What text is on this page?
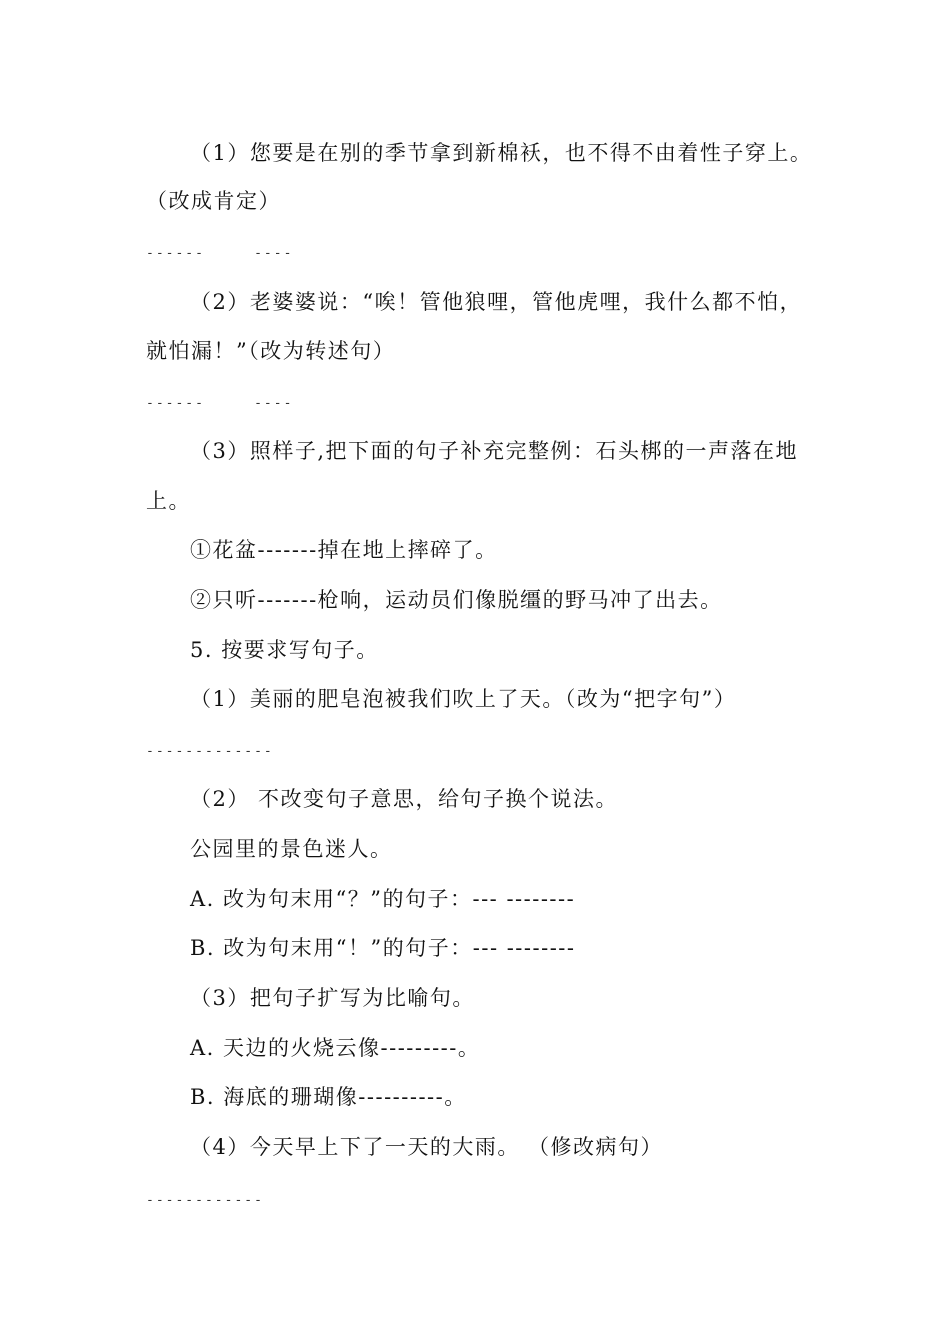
（1）您要是在别的季节拿到新棉袄，也不得不由着性子穿上。
（改成肯定）
------     ----
（2）老婆婆说：“唉！管他狼哩，管他虎哩，我什么都不怕，
就怕漏！”（改为转述句）
------     ----
（3）照样子,把下面的句子补充完整例：石头梆的一声落在地
上。
①花盆-------掉在地上摔碎了。
②只听-------枪响，运动员们像脱缰的野马冲了出去。
5. 按要求写句子。
（1）美丽的肥皂泡被我们吹上了天。（改为“把字句”）
-------------
（2） 不改变句子意思，给句子换个说法。
公园里的景色迷人。
A. 改为句末用“？”的句子：--- --------
B. 改为句末用“！”的句子：--- --------
（3）把句子扩写为比喻句。
A. 天边的火烧云像---------。
B. 海底的珊瑚像----------。
（4）今天早上下了一天的大雨。 （修改病句）
------------
